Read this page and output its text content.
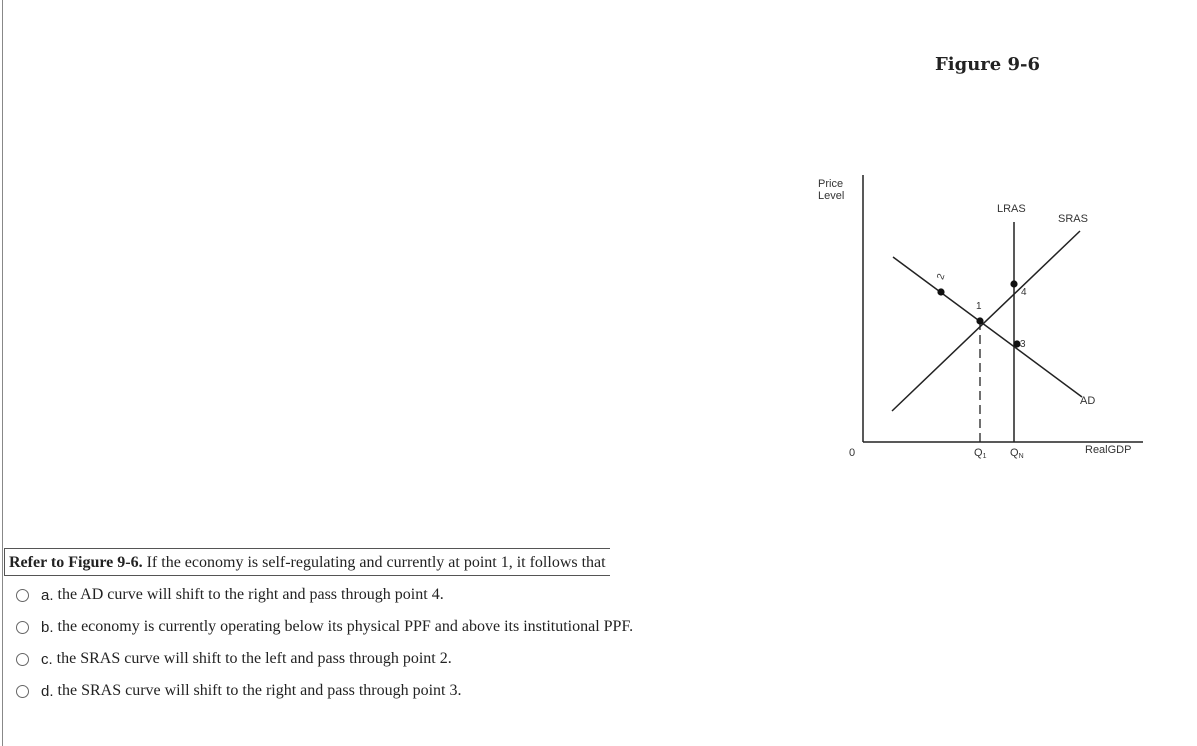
Figure 9-6
Price
Level
0	RealGDP
LRAS
SRAS
AD
1
2
3
4
Q1 QN
Refer to Figure 9-6. If the economy is self-regulating and currently at point 1, it follows that
a. the AD curve will shift to the right and pass through point 4.
b. the economy is currently operating below its physical PPF and above its institutional PPF.
c. the SRAS curve will shift to the left and pass through point 2.
d. the SRAS curve will shift to the right and pass through point 3.
